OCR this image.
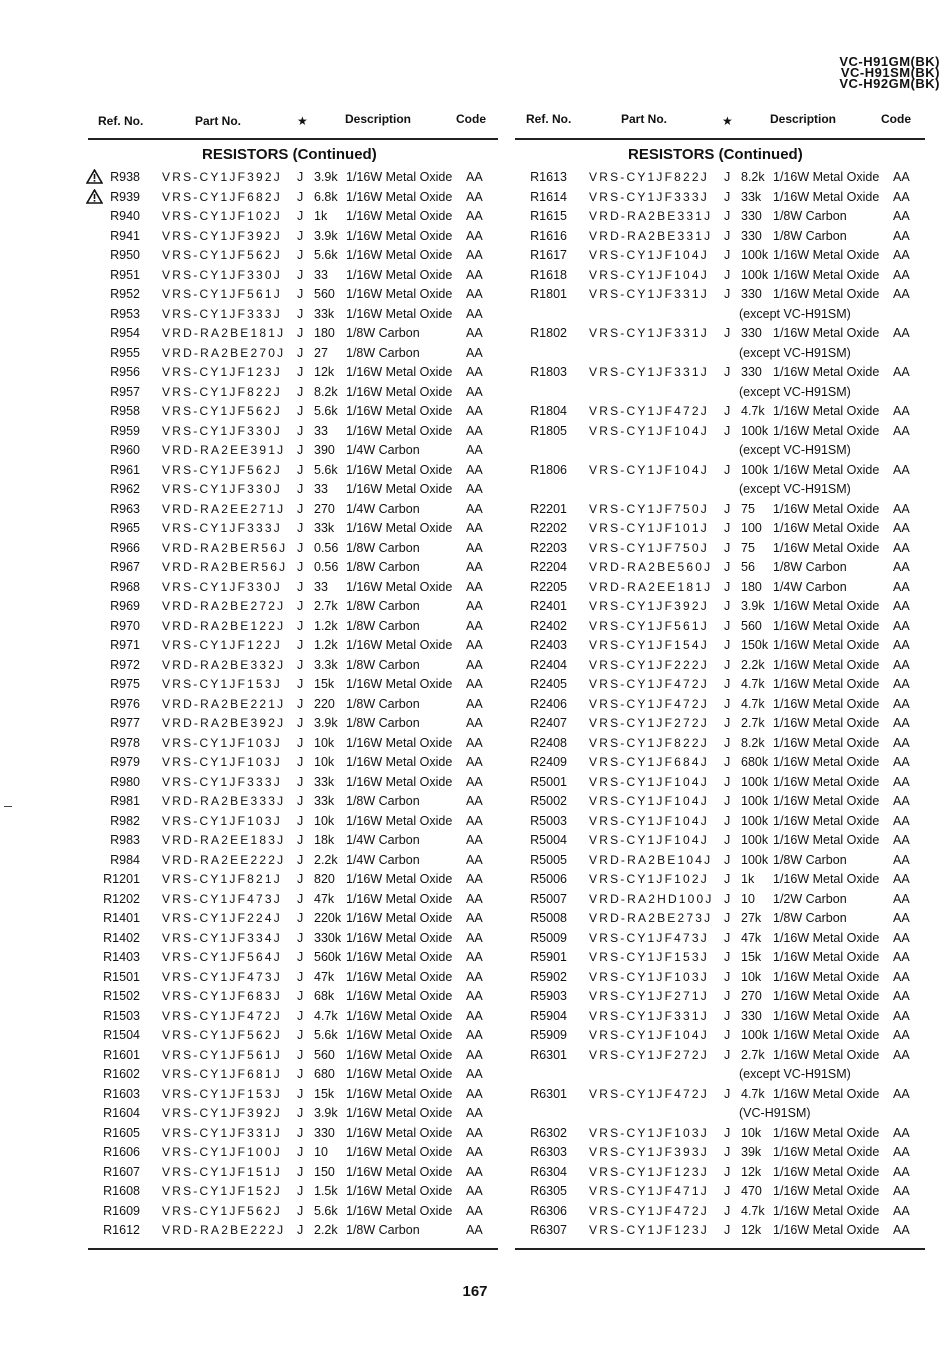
VC-H91GM(BK)
VC-H91SM(BK)
VC-H92GM(BK)
Ref. No.	Part No.	★	Description	Code	Ref. No.	Part No.	★	Description	Code
RESISTORS (Continued)	RESISTORS (Continued)
R938 VRS-CY1JF392J J 3.9k 1/16W Metal Oxide AA
R939 VRS-CY1JF682J J 6.8k 1/16W Metal Oxide AA
R940 VRS-CY1JF102J J 1k 1/16W Metal Oxide AA
R941 VRS-CY1JF392J J 3.9k 1/16W Metal Oxide AA
R950 VRS-CY1JF562J J 5.6k 1/16W Metal Oxide AA
R951 VRS-CY1JF330J J 33 1/16W Metal Oxide AA
R952 VRS-CY1JF561J J 560 1/16W Metal Oxide AA
R953 VRS-CY1JF333J J 33k 1/16W Metal Oxide AA
R954 VRD-RA2BE181J J 180 1/8W Carbon	AA
R955 VRD-RA2BE270J J 27 1/8W Carbon	AA
R956 VRS-CY1JF123J J 12k 1/16W Metal Oxide AA
R957 VRS-CY1JF822J J 8.2k 1/16W Metal Oxide AA
R958 VRS-CY1JF562J J 5.6k 1/16W Metal Oxide AA
R959 VRS-CY1JF330J J 33 1/16W Metal Oxide AA
R960 VRD-RA2EE391J J 390 1/4W Carbon	AA
R961 VRS-CY1JF562J J 5.6k 1/16W Metal Oxide AA
R962 VRS-CY1JF330J J 33 1/16W Metal Oxide AA
R963 VRD-RA2EE271J J 270 1/4W Carbon	AA
R965 VRS-CY1JF333J J 33k 1/16W Metal Oxide AA
R966 VRD-RA2BER56J J 0.56 1/8W Carbon	AA
R967 VRD-RA2BER56J J 0.56 1/8W Carbon	AA
R968 VRS-CY1JF330J J 33 1/16W Metal Oxide AA
R969 VRD-RA2BE272J J 2.7k 1/8W Carbon	AA
R970 VRD-RA2BE122J J 1.2k 1/8W Carbon	AA
R971 VRS-CY1JF122J J 1.2k 1/16W Metal Oxide AA
R972 VRD-RA2BE332J J 3.3k 1/8W Carbon	AA
R975 VRS-CY1JF153J J 15k 1/16W Metal Oxide AA
R976 VRD-RA2BE221J J 220 1/8W Carbon	AA
R977 VRD-RA2BE392J J 3.9k 1/8W Carbon	AA
R978 VRS-CY1JF103J J 10k 1/16W Metal Oxide AA
R979 VRS-CY1JF103J J 10k 1/16W Metal Oxide AA
R980 VRS-CY1JF333J J 33k 1/16W Metal Oxide AA
R981 VRD-RA2BE333J J 33k 1/8W Carbon	AA
R982 VRS-CY1JF103J J 10k 1/16W Metal Oxide AA
R983 VRD-RA2EE183J J 18k 1/4W Carbon	AA
R984 VRD-RA2EE222J J 2.2k 1/4W Carbon	AA
R1201 VRS-CY1JF821J J 820 1/16W Metal Oxide AA
R1202 VRS-CY1JF473J J 47k 1/16W Metal Oxide AA
R1401 VRS-CY1JF224J J 220k 1/16W Metal Oxide AA
R1402 VRS-CY1JF334J J 330k 1/16W Metal Oxide AA
R1403 VRS-CY1JF564J J 560k 1/16W Metal Oxide AA
R1501 VRS-CY1JF473J J 47k 1/16W Metal Oxide AA
R1502 VRS-CY1JF683J J 68k 1/16W Metal Oxide AA
R1503 VRS-CY1JF472J J 4.7k 1/16W Metal Oxide AA
R1504 VRS-CY1JF562J J 5.6k 1/16W Metal Oxide AA
R1601 VRS-CY1JF561J J 560 1/16W Metal Oxide AA
R1602 VRS-CY1JF681J J 680 1/16W Metal Oxide AA
R1603 VRS-CY1JF153J J 15k 1/16W Metal Oxide AA
R1604 VRS-CY1JF392J J 3.9k 1/16W Metal Oxide AA
R1605 VRS-CY1JF331J J 330 1/16W Metal Oxide AA
R1606 VRS-CY1JF100J J 10 1/16W Metal Oxide AA
R1607 VRS-CY1JF151J J 150 1/16W Metal Oxide AA
R1608 VRS-CY1JF152J J 1.5k 1/16W Metal Oxide AA
R1609 VRS-CY1JF562J J 5.6k 1/16W Metal Oxide AA
R1612 VRD-RA2BE222J J 2.2k 1/8W Carbon	AA
R1613 VRS-CY1JF822J J 8.2k 1/16W Metal Oxide AA
R1614 VRS-CY1JF333J J 33k 1/16W Metal Oxide AA
R1615 VRD-RA2BE331J J 330 1/8W Carbon	AA
R1616 VRD-RA2BE331J J 330 1/8W Carbon	AA
R1617 VRS-CY1JF104J J 100k 1/16W Metal Oxide AA
R1618 VRS-CY1JF104J J 100k 1/16W Metal Oxide AA
R1801 VRS-CY1JF331J J 330 1/16W Metal Oxide AA
(except VC-H91SM)
R1802 VRS-CY1JF331J J 330 1/16W Metal Oxide AA
(except VC-H91SM)
R1803 VRS-CY1JF331J J 330 1/16W Metal Oxide AA
(except VC-H91SM)
R1804 VRS-CY1JF472J J 4.7k 1/16W Metal Oxide AA
R1805 VRS-CY1JF104J J 100k 1/16W Metal Oxide AA
(except VC-H91SM)
R1806 VRS-CY1JF104J J 100k 1/16W Metal Oxide AA
(except VC-H91SM)
R2201 VRS-CY1JF750J J 75 1/16W Metal Oxide AA
R2202 VRS-CY1JF101J J 100 1/16W Metal Oxide AA
R2203 VRS-CY1JF750J J 75 1/16W Metal Oxide AA
R2204 VRD-RA2BE560J J 56 1/8W Carbon	AA
R2205 VRD-RA2EE181J J 180 1/4W Carbon	AA
R2401 VRS-CY1JF392J J 3.9k 1/16W Metal Oxide AA
R2402 VRS-CY1JF561J J 560 1/16W Metal Oxide AA
R2403 VRS-CY1JF154J J 150k 1/16W Metal Oxide AA
R2404 VRS-CY1JF222J J 2.2k 1/16W Metal Oxide AA
R2405 VRS-CY1JF472J J 4.7k 1/16W Metal Oxide AA
R2406 VRS-CY1JF472J J 4.7k 1/16W Metal Oxide AA
R2407 VRS-CY1JF272J J 2.7k 1/16W Metal Oxide AA
R2408 VRS-CY1JF822J J 8.2k 1/16W Metal Oxide AA
R2409 VRS-CY1JF684J J 680k 1/16W Metal Oxide AA
R5001 VRS-CY1JF104J J 100k 1/16W Metal Oxide AA
R5002 VRS-CY1JF104J J 100k 1/16W Metal Oxide AA
R5003 VRS-CY1JF104J J 100k 1/16W Metal Oxide AA
R5004 VRS-CY1JF104J J 100k 1/16W Metal Oxide AA
R5005 VRD-RA2BE104J J 100k 1/8W Carbon	AA
R5006 VRS-CY1JF102J J 1k 1/16W Metal Oxide AA
R5007 VRD-RA2HD100J J 10 1/2W Carbon	AA
R5008 VRD-RA2BE273J J 27k 1/8W Carbon	AA
R5009 VRS-CY1JF473J J 47k 1/16W Metal Oxide AA
R5901 VRS-CY1JF153J J 15k 1/16W Metal Oxide AA
R5902 VRS-CY1JF103J J 10k 1/16W Metal Oxide AA
R5903 VRS-CY1JF271J J 270 1/16W Metal Oxide AA
R5904 VRS-CY1JF331J J 330 1/16W Metal Oxide AA
R5909 VRS-CY1JF104J J 100k 1/16W Metal Oxide AA
R6301 VRS-CY1JF272J J 2.7k 1/16W Metal Oxide AA
(except VC-H91SM)
R6301 VRS-CY1JF472J J 4.7k 1/16W Metal Oxide AA
(VC-H91SM)
R6302 VRS-CY1JF103J J 10k 1/16W Metal Oxide AA
R6303 VRS-CY1JF393J J 39k 1/16W Metal Oxide AA
R6304 VRS-CY1JF123J J 12k 1/16W Metal Oxide AA
R6305 VRS-CY1JF471J J 470 1/16W Metal Oxide AA
R6306 VRS-CY1JF472J J 4.7k 1/16W Metal Oxide AA
R6307 VRS-CY1JF123J J 12k 1/16W Metal Oxide AA
167
